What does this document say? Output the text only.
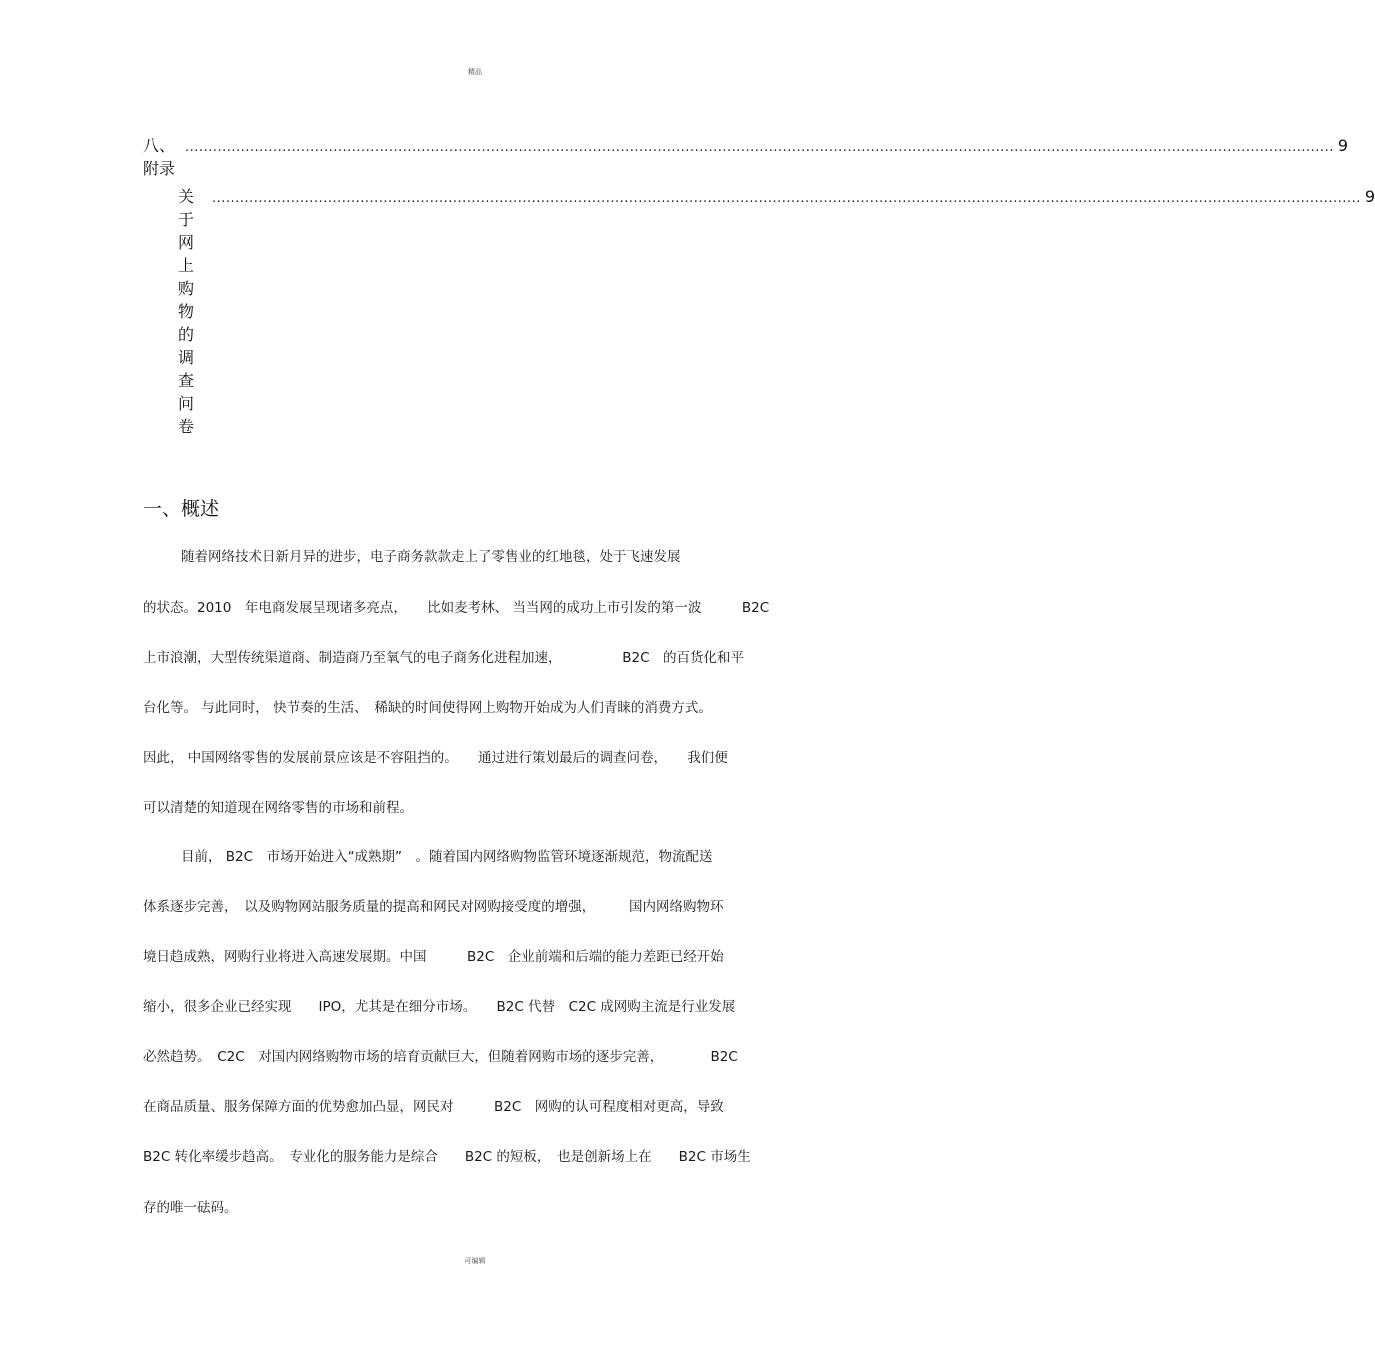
精品
八、附录
........................................................................................................................................................................................................................................................ 9
关于网上购物的调查问卷
........................................................................................................................................................................................................................................................ 9
一、概述
随着网络技术日新月异的进步，电子商务款款走上了零售业的红地毯，处于飞速发展
的状态。2010　年电商发展呈现诸多亮点，　　比如麦考林、 当当网的成功上市引发的第一波　　　B2C
上市浪潮，大型传统渠道商、制造商乃至氧气的电子商务化进程加速，　　　　　B2C　的百货化和平
台化等。 与此同时， 快节奏的生活、　稀缺的时间使得网上购物开始成为人们青睐的消费方式。
因此， 中国网络零售的发展前景应该是不容阻挡的。　　通过进行策划最后的调查问卷，　　我们便
可以清楚的知道现在网络零售的市场和前程。
目前， B2C　市场开始进入“成熟期”　。随着国内网络购物监管环境逐渐规范，物流配送
体系逐步完善，　以及购物网站服务质量的提高和网民对网购接受度的增强，　　　国内网络购物环
境日趋成熟，网购行业将进入高速发展期。中国　　　B2C　企业前端和后端的能力差距已经开始
缩小，很多企业已经实现　　IPO，尤其是在细分市场。　　B2C 代替　C2C 成网购主流是行业发展
必然趋势。　C2C　对国内网络购物市场的培育贡献巨大，但随着网购市场的逐步完善，　　　　B2C
在商品质量、服务保障方面的优势愈加凸显，网民对　　　B2C　网购的认可程度相对更高，导致
B2C 转化率缓步趋高。　专业化的服务能力是综合　　B2C 的短板，　也是创新场上在　　B2C 市场生
存的唯一砝码。
可编辑
